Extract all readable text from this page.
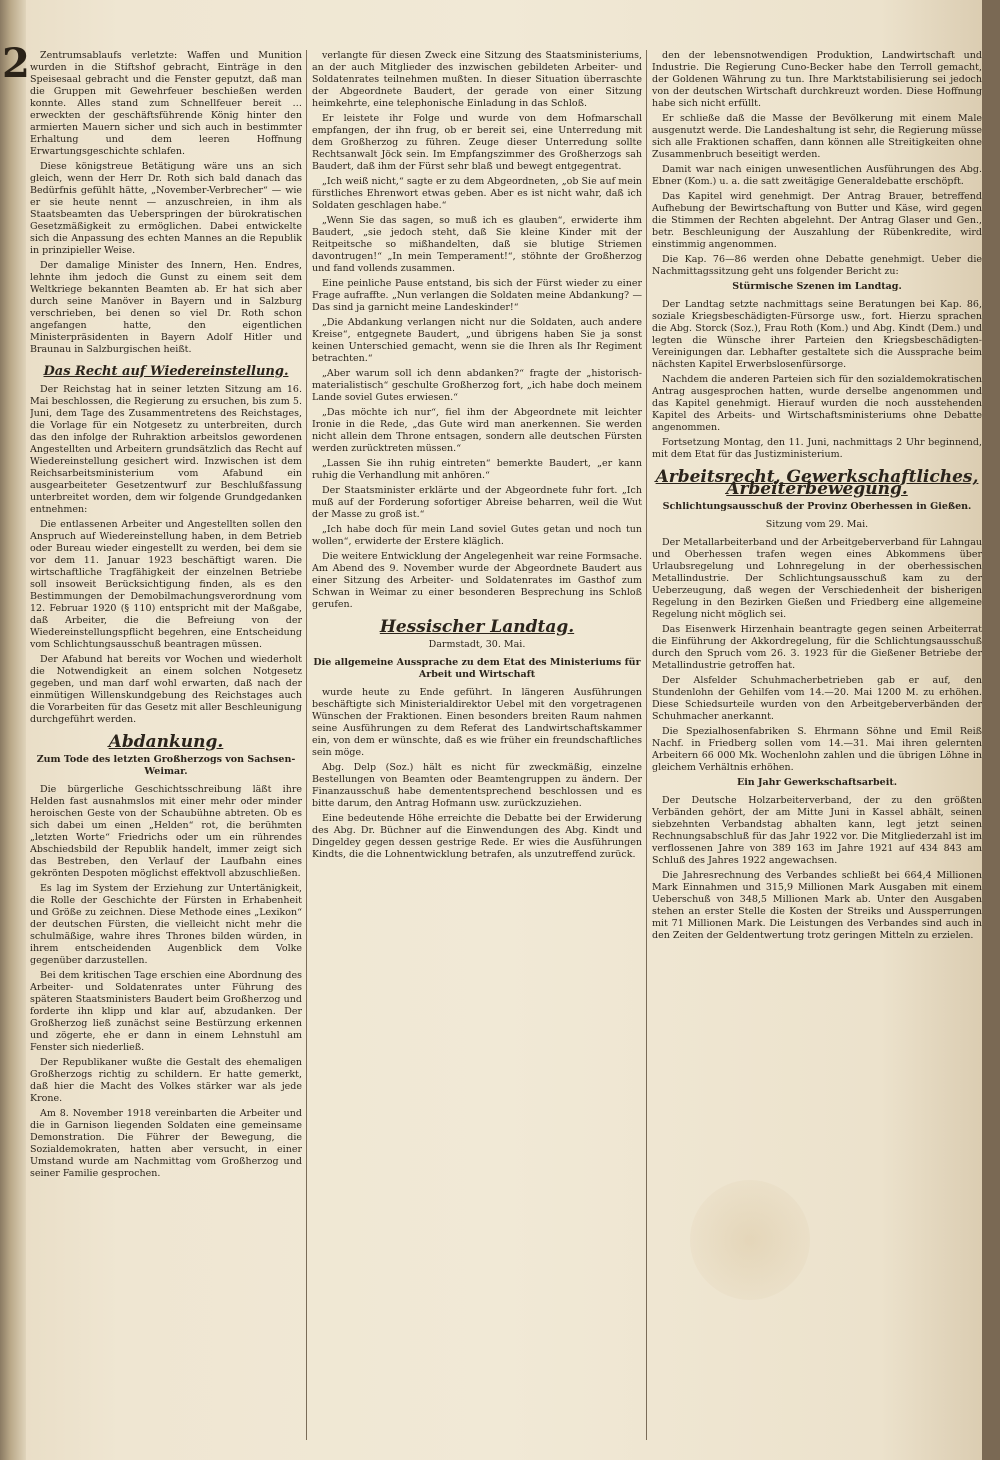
2	Zentrumsablaufs verletzte: Waffen und Munition wurden in die Stiftshof gebracht, Einträge in den Speisesaal gebracht und die Fenster geputzt, daß man die Gruppen mit Gewehrfeuer beschießen werden konnte. Alles stand zum Schnellfeuer bereit … erweckten der geschäftsführende König hinter den armierten Mauern sicher und sich auch in bestimmter Erhaltung und dem leeren Hoffnung Erwartungsgeschichte schlafen.

Diese königstreue Betätigung wäre uns an sich gleich, wenn der Herr Dr. Roth sich bald danach das Bedürfnis gefühlt hätte, „November-Verbrecher“ — wie er sie heute nennt — anzuschreien, in ihm als Staatsbeamten das Ueberspringen der bürokratischen Gesetzmäßigkeit zu ermöglichen. Dabei entwickelte sich die Anpassung des echten Mannes an die Republik in prinzipieller Weise.

Der damalige Minister des Innern, Hen. Endres, lehnte ihm jedoch die Gunst zu einem seit dem Weltkriege bekannten Beamten ab. Er hat sich aber durch seine Manöver in Bayern und in Salzburg verschrieben, bei denen so viel Dr. Roth schon angefangen hatte, den eigentlichen Ministerpräsidenten in Bayern Adolf Hitler und Braunau in Salzburgischen heißt.

Das Recht auf Wiedereinstellung.

Der Reichstag hat in seiner letzten Sitzung am 16. Mai beschlossen, die Regierung zu ersuchen, bis zum 5. Juni, dem Tage des Zusammentretens des Reichstages, die Vorlage für ein Notgesetz zu unterbreiten, durch das den infolge der Ruhraktion arbeitslos gewordenen Angestellten und Arbeitern grundsätzlich das Recht auf Wiedereinstellung gesichert wird. Inzwischen ist dem Reichsarbeitsministerium vom Afabund ein ausgearbeiteter Gesetzentwurf zur Beschlußfassung unterbreitet worden, dem wir folgende Grundgedanken entnehmen:

Die entlassenen Arbeiter und Angestellten sollen den Anspruch auf Wiedereinstellung haben, in dem Betrieb oder Bureau wieder eingestellt zu werden, bei dem sie vor dem 11. Januar 1923 beschäftigt waren. Die wirtschaftliche Tragfähigkeit der einzelnen Betriebe soll insoweit Berücksichtigung finden, als es den Bestimmungen der Demobilmachungsverordnung vom 12. Februar 1920 (§ 110) entspricht mit der Maßgabe, daß Arbeiter, die die Befreiung von der Wiedereinstellungspflicht begehren, eine Entscheidung vom Schlichtungsausschuß beantragen müssen.

Der Afabund hat bereits vor Wochen und wiederholt die Notwendigkeit an einem solchen Notgesetz gegeben, und man darf wohl erwarten, daß nach der einmütigen Willenskundgebung des Reichstages auch die Vorarbeiten für das Gesetz mit aller Beschleunigung durchgeführt werden.

Abdankung.
Zum Tode des letzten Großherzogs von Sachsen-Weimar.

Die bürgerliche Geschichtsschreibung läßt ihre Helden fast ausnahmslos mit einer mehr oder minder heroischen Geste von der Schaubühne abtreten. Ob es sich dabei um einen „Helden“ rot, die berühmten „letzten Worte“ Friedrichs oder um ein rührendes Abschiedsbild der Republik handelt, immer zeigt sich das Bestreben, den Verlauf der Laufbahn eines gekrönten Despoten möglichst effektvoll abzuschließen.

Es lag im System der Erziehung zur Untertänigkeit, die Rolle der Geschichte der Fürsten in Erhabenheit und Größe zu zeichnen. Diese Methode eines „Lexikon“ der deutschen Fürsten, die vielleicht nicht mehr die schulmäßige, wahre ihres Thrones bilden würden, in ihrem entscheidenden Augenblick dem Volke gegenüber darzustellen.

Bei dem kritischen Tage erschien eine Abordnung des Arbeiter- und Soldatenrates unter Führung des späteren Staatsministers Baudert beim Großherzog und forderte ihn klipp und klar auf, abzudanken. Der Großherzog ließ zunächst seine Bestürzung erkennen und zögerte, ehe er dann in einem Lehnstuhl am Fenster sich niederließ.

Der Republikaner wußte die Gestalt des ehemaligen Großherzogs richtig zu schildern. Er hatte gemerkt, daß hier die Macht des Volkes stärker war als jede Krone.

Am 8. November 1918 vereinbarten die Arbeiter und die in Garnison liegenden Soldaten eine gemeinsame Demonstration. Die Führer der Bewegung, die Sozialdemokraten, hatten aber versucht, in einer Umstand wurde am Nachmittag vom Großherzog und seiner Familie gesprochen.

verlangte für diesen Zweck eine Sitzung des Staatsministeriums, an der auch Mitglieder des inzwischen gebildeten Arbeiter- und Soldatenrates teilnehmen mußten. In dieser Situation überraschte der Abgeordnete Baudert, der gerade von einer Sitzung heimkehrte, eine telephonische Einladung in das Schloß.

Er leistete ihr Folge und wurde von dem Hofmarschall empfangen, der ihn frug, ob er bereit sei, eine Unterredung mit dem Großherzog zu führen. Zeuge dieser Unterredung sollte Rechtsanwalt Jöck sein. Im Empfangszimmer des Großherzogs sah Baudert, daß ihm der Fürst sehr blaß und bewegt entgegentrat.

„Ich weiß nicht,“ sagte er zu dem Abgeordneten, „ob Sie auf mein fürstliches Ehrenwort etwas geben. Aber es ist nicht wahr, daß ich Soldaten geschlagen habe.“

„Wenn Sie das sagen, so muß ich es glauben“, erwiderte ihm Baudert, „sie jedoch steht, daß Sie kleine Kinder mit der Reitpeitsche so mißhandelten, daß sie blutige Striemen davontrugen!“ „In mein Temperament!“, stöhnte der Großherzog und fand vollends zusammen.

Eine peinliche Pause entstand, bis sich der Fürst wieder zu einer Frage aufraffte. „Nun verlangen die Soldaten meine Abdankung? — Das sind ja garnicht meine Landeskinder!“

„Die Abdankung verlangen nicht nur die Soldaten, auch andere Kreise“, entgegnete Baudert, „und übrigens haben Sie ja sonst keinen Unterschied gemacht, wenn sie die Ihren als Ihr Regiment betrachten.“

„Aber warum soll ich denn abdanken?“ fragte der „historisch-materialistisch“ geschulte Großherzog fort, „ich habe doch meinem Lande soviel Gutes erwiesen.“

„Das möchte ich nur“, fiel ihm der Abgeordnete mit leichter Ironie in die Rede, „das Gute wird man anerkennen. Sie werden nicht allein dem Throne entsagen, sondern alle deutschen Fürsten werden zurücktreten müssen.“

„Lassen Sie ihn ruhig eintreten“ bemerkte Baudert, „er kann ruhig die Verhandlung mit anhören.“

Der Staatsminister erklärte und der Abgeordnete fuhr fort. „Ich muß auf der Forderung sofortiger Abreise beharren, weil die Wut der Masse zu groß ist.“

„Ich habe doch für mein Land soviel Gutes getan und noch tun wollen“, erwiderte der Erstere kläglich.

Die weitere Entwicklung der Angelegenheit war reine Formsache. Am Abend des 9. November wurde der Abgeordnete Baudert aus einer Sitzung des Arbeiter- und Soldatenrates im Gasthof zum Schwan in Weimar zu einer besonderen Besprechung ins Schloß gerufen.

Hessischer Landtag.
Darmstadt, 30. Mai.
Die allgemeine Aussprache zu dem Etat des Ministeriums für Arbeit und Wirtschaft

wurde heute zu Ende geführt. In längeren Ausführungen beschäftigte sich Ministerialdirektor Uebel mit den vorgetragenen Wünschen der Fraktionen. Einen besonders breiten Raum nahmen seine Ausführungen zu dem Referat des Landwirtschaftskammer ein, von dem er wünschte, daß es wie früher ein freundschaftliches sein möge.

Abg. Delp (Soz.) hält es nicht für zweckmäßig, einzelne Bestellungen von Beamten oder Beamtengruppen zu ändern. Der Finanzausschuß habe demententsprechend beschlossen und es bitte darum, den Antrag Hofmann usw. zurückzuziehen.

Eine bedeutende Höhe erreichte die Debatte bei der Erwiderung des Abg. Dr. Büchner auf die Einwendungen des Abg. Kindt und Dingeldey gegen dessen gestrige Rede. Er wies die Ausführungen Kindts, die die Lohnentwicklung betrafen, als unzutreffend zurück.

den der lebensnotwendigen Produktion, Landwirtschaft und Industrie. Die Regierung Cuno-Becker habe den Terroll gemacht, der Goldenen Währung zu tun. Ihre Marktstabilisierung sei jedoch von der deutschen Wirtschaft durchkreuzt worden. Diese Hoffnung habe sich nicht erfüllt.

Er schließe daß die Masse der Bevölkerung mit einem Male ausgenutzt werde. Die Landeshaltung ist sehr, die Regierung müsse sich alle Fraktionen schaffen, dann können alle Streitigkeiten ohne Zusammenbruch beseitigt werden.

Damit war nach einigen unwesentlichen Ausführungen des Abg. Ebner (Kom.) u. a. die satt zweitägige Generaldebatte erschöpft.

Das Kapitel wird genehmigt. Der Antrag Brauer, betreffend Aufhebung der Bewirtschaftung von Butter und Käse, wird gegen die Stimmen der Rechten abgelehnt. Der Antrag Glaser und Gen., betr. Beschleunigung der Auszahlung der Rübenkredite, wird einstimmig angenommen.

Die Kap. 76—86 werden ohne Debatte genehmigt. Ueber die Nachmittagssitzung geht uns folgender Bericht zu:

Stürmische Szenen im Landtag.

Der Landtag setzte nachmittags seine Beratungen bei Kap. 86, soziale Kriegsbeschädigten-Fürsorge usw., fort. Hierzu sprachen die Abg. Storck (Soz.), Frau Roth (Kom.) und Abg. Kindt (Dem.) und legten die Wünsche ihrer Parteien den Kriegsbeschädigten-Vereinigungen dar. Lebhafter gestaltete sich die Aussprache beim nächsten Kapitel Erwerbslosenfürsorge.

Nachdem die anderen Parteien sich für den sozialdemokratischen Antrag ausgesprochen hatten, wurde derselbe angenommen und das Kapitel genehmigt. Hierauf wurden die noch ausstehenden Kapitel des Arbeits- und Wirtschaftsministeriums ohne Debatte angenommen.

Fortsetzung Montag, den 11. Juni, nachmittags 2 Uhr beginnend, mit dem Etat für das Justizministerium.

Arbeitsrecht, Gewerkschaftliches, Arbeiterbewegung.
Schlichtungsausschuß der Provinz Oberhessen in Gießen.
Sitzung vom 29. Mai.

Der Metallarbeiterband und der Arbeitgeberverband für Lahngau und Oberhessen trafen wegen eines Abkommens über Urlaubsregelung und Lohnregelung in der oberhessischen Metallindustrie. Der Schlichtungsausschuß kam zu der Ueberzeugung, daß wegen der Verschiedenheit der bisherigen Regelung in den Bezirken Gießen und Friedberg eine allgemeine Regelung nicht möglich sei.

Das Eisenwerk Hirzenhain beantragte gegen seinen Arbeiterrat die Einführung der Akkordregelung, für die Schlichtungsausschuß durch den Spruch vom 26. 3. 1923 für die Gießener Betriebe der Metallindustrie getroffen hat.

Der Alsfelder Schuhmacherbetrieben gab er auf, den Stundenlohn der Gehilfen vom 14.—20. Mai 1200 M. zu erhöhen. Diese Schiedsurteile wurden von den Arbeitgeberverbänden der Schuhmacher anerkannt.

Die Spezialhosenfabriken S. Ehrmann Söhne und Emil Reiß Nachf. in Friedberg sollen vom 14.—31. Mai ihren gelernten Arbeitern 66 000 Mk. Wochenlohn zahlen und die übrigen Löhne in gleichem Verhältnis erhöhen.

Ein Jahr Gewerkschaftsarbeit.

Der Deutsche Holzarbeiterverband, der zu den größten Verbänden gehört, der am Mitte Juni in Kassel abhält, seinen siebzehnten Verbandstag abhalten kann, legt jetzt seinen Rechnungsabschluß für das Jahr 1922 vor. Die Mitgliederzahl ist im verflossenen Jahre von 389 163 im Jahre 1921 auf 434 843 am Schluß des Jahres 1922 angewachsen.

Die Jahresrechnung des Verbandes schließt bei 664,4 Millionen Mark Einnahmen und 315,9 Millionen Mark Ausgaben mit einem Ueberschuß von 348,5 Millionen Mark ab. Unter den Ausgaben stehen an erster Stelle die Kosten der Streiks und Aussperrungen mit 71 Millionen Mark. Die Leistungen des Verbandes sind auch in den Zeiten der Geldentwertung trotz geringen Mitteln zu erzielen.
